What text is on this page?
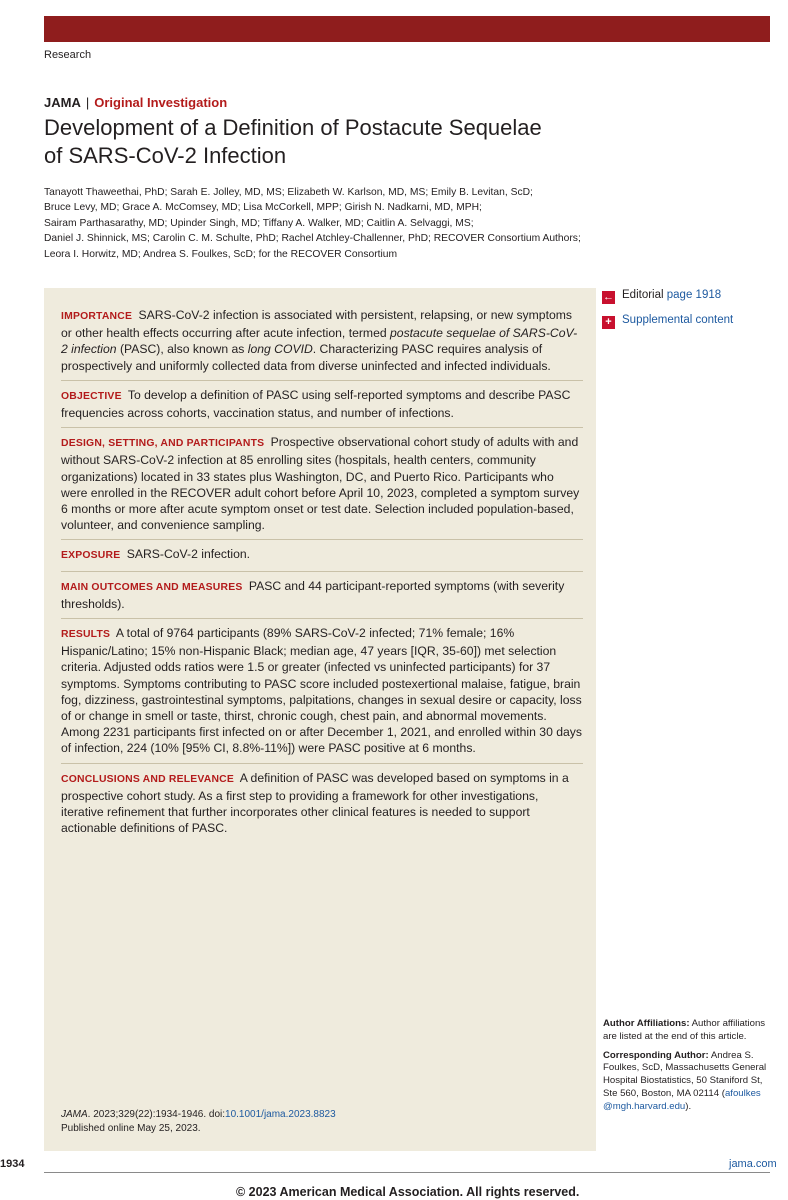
Research
JAMA | Original Investigation
Development of a Definition of Postacute Sequelae
of SARS-CoV-2 Infection
Tanayott Thaweethai, PhD; Sarah E. Jolley, MD, MS; Elizabeth W. Karlson, MD, MS; Emily B. Levitan, ScD;
Bruce Levy, MD; Grace A. McComsey, MD; Lisa McCorkell, MPP; Girish N. Nadkarni, MD, MPH;
Sairam Parthasarathy, MD; Upinder Singh, MD; Tiffany A. Walker, MD; Caitlin A. Selvaggi, MS;
Daniel J. Shinnick, MS; Carolin C. M. Schulte, PhD; Rachel Atchley-Challenner, PhD; RECOVER Consortium Authors;
Leora I. Horwitz, MD; Andrea S. Foulkes, ScD; for the RECOVER Consortium
IMPORTANCE SARS-CoV-2 infection is associated with persistent, relapsing, or new symptoms or other health effects occurring after acute infection, termed postacute sequelae of SARS-CoV-2 infection (PASC), also known as long COVID. Characterizing PASC requires analysis of prospectively and uniformly collected data from diverse uninfected and infected individuals.
OBJECTIVE To develop a definition of PASC using self-reported symptoms and describe PASC frequencies across cohorts, vaccination status, and number of infections.
DESIGN, SETTING, AND PARTICIPANTS Prospective observational cohort study of adults with and without SARS-CoV-2 infection at 85 enrolling sites (hospitals, health centers, community organizations) located in 33 states plus Washington, DC, and Puerto Rico. Participants who were enrolled in the RECOVER adult cohort before April 10, 2023, completed a symptom survey 6 months or more after acute symptom onset or test date. Selection included population-based, volunteer, and convenience sampling.
EXPOSURE SARS-CoV-2 infection.
MAIN OUTCOMES AND MEASURES PASC and 44 participant-reported symptoms (with severity thresholds).
RESULTS A total of 9764 participants (89% SARS-CoV-2 infected; 71% female; 16% Hispanic/Latino; 15% non-Hispanic Black; median age, 47 years [IQR, 35-60]) met selection criteria. Adjusted odds ratios were 1.5 or greater (infected vs uninfected participants) for 37 symptoms. Symptoms contributing to PASC score included postexertional malaise, fatigue, brain fog, dizziness, gastrointestinal symptoms, palpitations, changes in sexual desire or capacity, loss of or change in smell or taste, thirst, chronic cough, chest pain, and abnormal movements. Among 2231 participants first infected on or after December 1, 2021, and enrolled within 30 days of infection, 224 (10% [95% CI, 8.8%-11%]) were PASC positive at 6 months.
CONCLUSIONS AND RELEVANCE A definition of PASC was developed based on symptoms in a prospective cohort study. As a first step to providing a framework for other investigations, iterative refinement that further incorporates other clinical features is needed to support actionable definitions of PASC.
JAMA. 2023;329(22):1934-1946. doi:10.1001/jama.2023.8823
Published online May 25, 2023.
← Editorial page 1918
+ Supplemental content

Author Affiliations: Author affiliations are listed at the end of this article.

Corresponding Author: Andrea S. Foulkes, ScD, Massachusetts General Hospital Biostatistics, 50 Staniford St, Ste 560, Boston, MA 02114 (afoulkes @mgh.harvard.edu).

1934	jama.com
© 2023 American Medical Association. All rights reserved.
